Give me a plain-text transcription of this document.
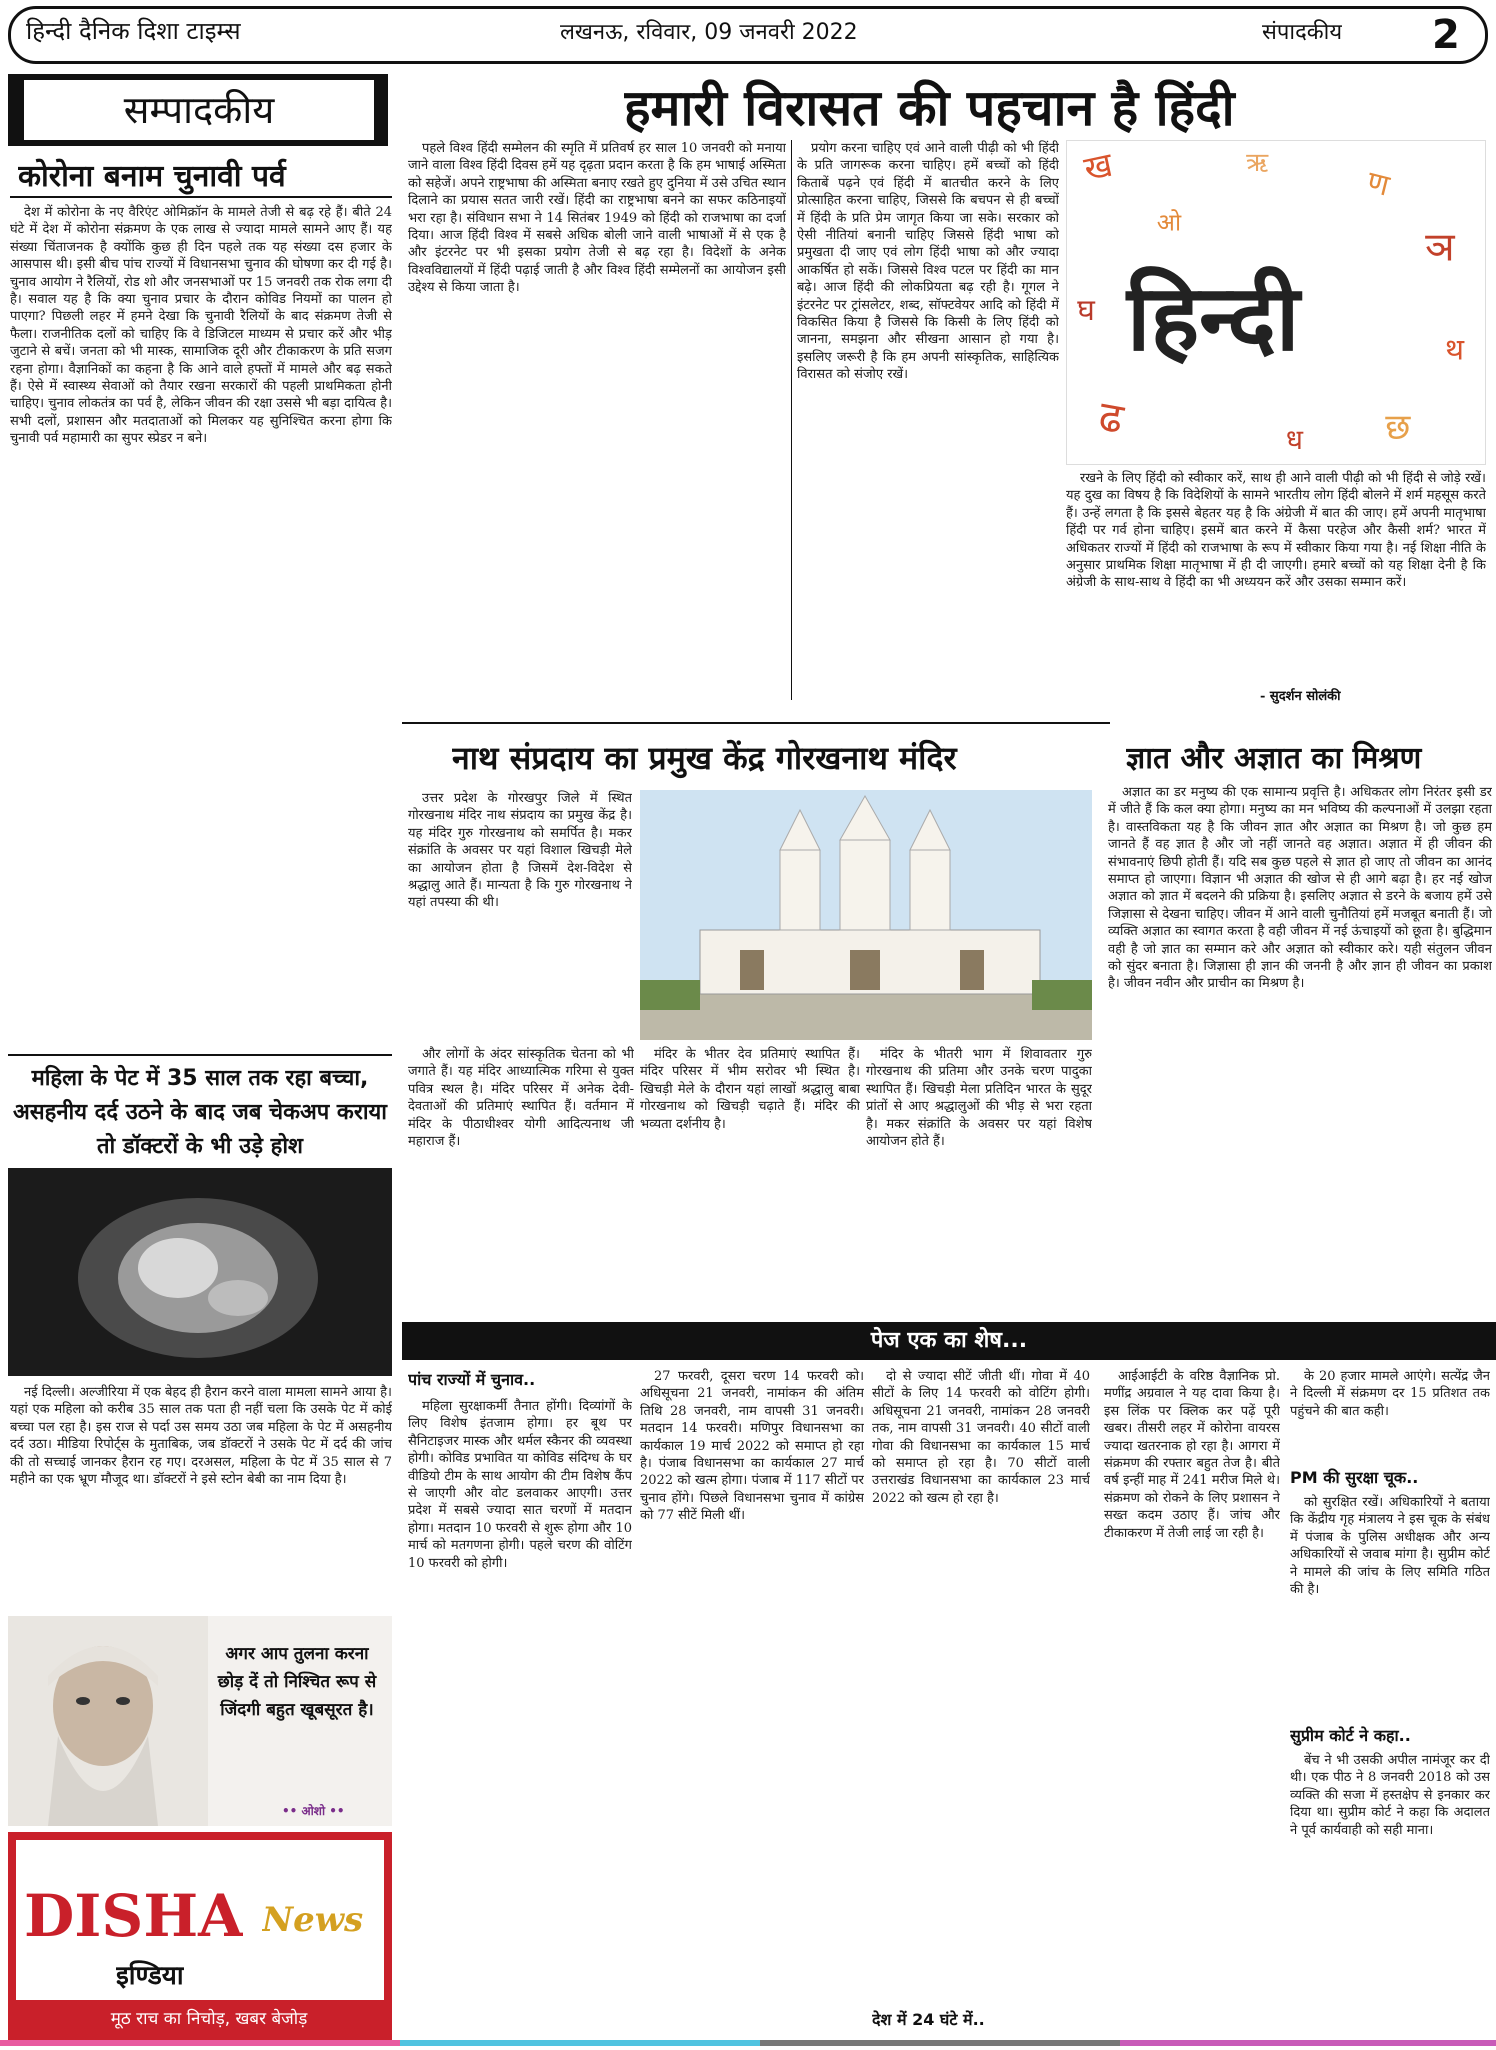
हिन्दी दैनिक दिशा टाइम्स	लखनऊ, रविवार, 09 जनवरी 2022	संपादकीय 2
सम्पादकीय	हमारी विरासत की पहचान है हिंदी
कोरोना बनाम चुनावी पर्व

देश में कोरोना के नए वैरिएंट ओमिक्रॉन के मामले तेजी से बढ़ रहे हैं। बीते 24 घंटे में देश में कोरोना संक्रमण के एक लाख से ज्यादा मामले सामने आए हैं। यह संख्या चिंताजनक है क्योंकि कुछ ही दिन पहले तक यह संख्या दस हजार के आसपास थी। इसी बीच पांच राज्यों में विधानसभा चुनाव की घोषणा कर दी गई है। चुनाव आयोग ने रैलियों, रोड शो और जनसभाओं पर 15 जनवरी तक रोक लगा दी है। सवाल यह है कि क्या चुनाव प्रचार के दौरान कोविड नियमों का पालन हो पाएगा? पिछली लहर में हमने देखा कि चुनावी रैलियों के बाद संक्रमण तेजी से फैला। राजनीतिक दलों को चाहिए कि वे डिजिटल माध्यम से प्रचार करें और भीड़ जुटाने से बचें। जनता को भी मास्क, सामाजिक दूरी और टीकाकरण के प्रति सजग रहना होगा। वैज्ञानिकों का कहना है कि आने वाले हफ्तों में मामले और बढ़ सकते हैं। ऐसे में स्वास्थ्य सेवाओं को तैयार रखना सरकारों की पहली प्राथमिकता होनी चाहिए। चुनाव लोकतंत्र का पर्व है, लेकिन जीवन की रक्षा उससे भी बड़ा दायित्व है। सभी दलों, प्रशासन और मतदाताओं को मिलकर यह सुनिश्चित करना होगा कि चुनावी पर्व महामारी का सुपर स्प्रेडर न बने।

पहले विश्व हिंदी सम्मेलन की स्मृति में प्रतिवर्ष हर साल 10 जनवरी को मनाया जाने वाला विश्व हिंदी दिवस हमें यह दृढ़ता प्रदान करता है कि हम भाषाई अस्मिता को सहेजें। अपने राष्ट्रभाषा की अस्मिता बनाए रखते हुए दुनिया में उसे उचित स्थान दिलाने का प्रयास सतत जारी रखें। हिंदी का राष्ट्रभाषा बनने का सफर कठिनाइयों भरा रहा है। संविधान सभा ने 14 सितंबर 1949 को हिंदी को राजभाषा का दर्जा दिया। आज हिंदी विश्व में सबसे अधिक बोली जाने वाली भाषाओं में से एक है और इंटरनेट पर भी इसका प्रयोग तेजी से बढ़ रहा है। विदेशों के अनेक विश्वविद्यालयों में हिंदी पढ़ाई जाती है और विश्व हिंदी सम्मेलनों का आयोजन इसी उद्देश्य से किया जाता है।

प्रयोग करना चाहिए एवं आने वाली पीढ़ी को भी हिंदी के प्रति जागरूक करना चाहिए। हमें बच्चों को हिंदी किताबें पढ़ने एवं हिंदी में बातचीत करने के लिए प्रोत्साहित करना चाहिए, जिससे कि बचपन से ही बच्चों में हिंदी के प्रति प्रेम जागृत किया जा सके। सरकार को ऐसी नीतियां बनानी चाहिए जिससे हिंदी भाषा को प्रमुखता दी जाए एवं लोग हिंदी भाषा को और ज्यादा आकर्षित हो सकें। जिससे विश्व पटल पर हिंदी का मान बढ़े। आज हिंदी की लोकप्रियता बढ़ रही है। गूगल ने इंटरनेट पर ट्रांसलेटर, शब्द, सॉफ्टवेयर आदि को हिंदी में विकसित किया है जिससे कि किसी के लिए हिंदी को जानना, समझना और सीखना आसान हो गया है। इसलिए जरूरी है कि हम अपनी सांस्कृतिक, साहित्यिक विरासत को संजोए रखें।

ख	ण
ञ
ढ	छ
घ
थ
ऋ
ध
ओ
हिन्दी

रखने के लिए हिंदी को स्वीकार करें, साथ ही आने वाली पीढ़ी को भी हिंदी से जोड़े रखें। यह दुख का विषय है कि विदेशियों के सामने भारतीय लोग हिंदी बोलने में शर्म महसूस करते हैं। उन्हें लगता है कि इससे बेहतर यह है कि अंग्रेजी में बात की जाए। हमें अपनी मातृभाषा हिंदी पर गर्व होना चाहिए। इसमें बात करने में कैसा परहेज और कैसी शर्म? भारत में अधिकतर राज्यों में हिंदी को राजभाषा के रूप में स्वीकार किया गया है। नई शिक्षा नीति के अनुसार प्राथमिक शिक्षा मातृभाषा में ही दी जाएगी। हमारे बच्चों को यह शिक्षा देनी है कि अंग्रेजी के साथ-साथ वे हिंदी का भी अध्ययन करें और उसका सम्मान करें।

- सुदर्शन सोलंकी
नाथ संप्रदाय का प्रमुख केंद्र गोरखनाथ मंदिर

उत्तर प्रदेश के गोरखपुर जिले में स्थित गोरखनाथ मंदिर नाथ संप्रदाय का प्रमुख केंद्र है। यह मंदिर गुरु गोरखनाथ को समर्पित है। मकर संक्रांति के अवसर पर यहां विशाल खिचड़ी मेले का आयोजन होता है जिसमें देश-विदेश से श्रद्धालु आते हैं। मान्यता है कि गुरु गोरखनाथ ने यहां तपस्या की थी।

और लोगों के अंदर सांस्कृतिक चेतना को भी जगाते हैं। यह मंदिर आध्यात्मिक गरिमा से युक्त पवित्र स्थल है। मंदिर परिसर में अनेक देवी-देवताओं की प्रतिमाएं स्थापित हैं। वर्तमान में मंदिर के पीठाधीश्वर योगी आदित्यनाथ जी महाराज हैं।

मंदिर के भीतर देव प्रतिमाएं स्थापित हैं। मंदिर परिसर में भीम सरोवर भी स्थित है। खिचड़ी मेले के दौरान यहां लाखों श्रद्धालु बाबा गोरखनाथ को खिचड़ी चढ़ाते हैं। मंदिर की भव्यता दर्शनीय है।

मंदिर के भीतरी भाग में शिवावतार गुरु गोरखनाथ की प्रतिमा और उनके चरण पादुका स्थापित हैं। खिचड़ी मेला प्रतिदिन भारत के सुदूर प्रांतों से आए श्रद्धालुओं की भीड़ से भरा रहता है। मकर संक्रांति के अवसर पर यहां विशेष आयोजन होते हैं।

ज्ञात और अज्ञात का मिश्रण

अज्ञात का डर मनुष्य की एक सामान्य प्रवृत्ति है। अधिकतर लोग निरंतर इसी डर में जीते हैं कि कल क्या होगा। मनुष्य का मन भविष्य की कल्पनाओं में उलझा रहता है। वास्तविकता यह है कि जीवन ज्ञात और अज्ञात का मिश्रण है। जो कुछ हम जानते हैं वह ज्ञात है और जो नहीं जानते वह अज्ञात। अज्ञात में ही जीवन की संभावनाएं छिपी होती हैं। यदि सब कुछ पहले से ज्ञात हो जाए तो जीवन का आनंद समाप्त हो जाएगा। विज्ञान भी अज्ञात की खोज से ही आगे बढ़ा है। हर नई खोज अज्ञात को ज्ञात में बदलने की प्रक्रिया है। इसलिए अज्ञात से डरने के बजाय हमें उसे जिज्ञासा से देखना चाहिए। जीवन में आने वाली चुनौतियां हमें मजबूत बनाती हैं। जो व्यक्ति अज्ञात का स्वागत करता है वही जीवन में नई ऊंचाइयों को छूता है। बुद्धिमान वही है जो ज्ञात का सम्मान करे और अज्ञात को स्वीकार करे। यही संतुलन जीवन को सुंदर बनाता है। जिज्ञासा ही ज्ञान की जननी है और ज्ञान ही जीवन का प्रकाश है। जीवन नवीन और प्राचीन का मिश्रण है।

महिला के पेट में 35 साल तक रहा बच्चा, असहनीय दर्द उठने के बाद जब चेकअप कराया तो डॉक्टरों के भी उड़े होश

नई दिल्ली। अल्जीरिया में एक बेहद ही हैरान करने वाला मामला सामने आया है। यहां एक महिला को करीब 35 साल तक पता ही नहीं चला कि उसके पेट में कोई बच्चा पल रहा है। इस राज से पर्दा उस समय उठा जब महिला के पेट में असहनीय दर्द उठा। मीडिया रिपोर्ट्स के मुताबिक, जब डॉक्टरों ने उसके पेट में दर्द की जांच की तो सच्चाई जानकर हैरान रह गए। दरअसल, महिला के पेट में 35 साल से 7 महीने का एक भ्रूण मौजूद था। डॉक्टरों ने इसे स्टोन बेबी का नाम दिया है।

अगर आप तुलना करना छोड़ दें तो निश्चित रूप से जिंदगी बहुत खूबसूरत है।
•• ओशो ••
DISHA News
इण्डिया
मूठ राच का निचोड़, खबर बेजोड़
पेज एक का शेष...
पांच राज्यों में चुनाव..

महिला सुरक्षाकर्मी तैनात होंगी। दिव्यांगों के लिए विशेष इंतजाम होगा। हर बूथ पर सैनिटाइजर मास्क और थर्मल स्कैनर की व्यवस्था होगी। कोविड प्रभावित या कोविड संदिग्ध के घर वीडियो टीम के साथ आयोग की टीम विशेष कैंप से जाएगी और वोट डलवाकर आएगी। उत्तर प्रदेश में सबसे ज्यादा सात चरणों में मतदान होगा। मतदान 10 फरवरी से शुरू होगा और 10 मार्च को मतगणना होगी। पहले चरण की वोटिंग 10 फरवरी को होगी।

27 फरवरी, दूसरा चरण 14 फरवरी को। अधिसूचना 21 जनवरी, नामांकन की अंतिम तिथि 28 जनवरी, नाम वापसी 31 जनवरी। मतदान 14 फरवरी। मणिपुर विधानसभा का कार्यकाल 19 मार्च 2022 को समाप्त हो रहा है। पंजाब विधानसभा का कार्यकाल 27 मार्च 2022 को खत्म होगा। पंजाब में 117 सीटों पर चुनाव होंगे। पिछले विधानसभा चुनाव में कांग्रेस को 77 सीटें मिली थीं।

दो से ज्यादा सीटें जीती थीं। गोवा में 40 सीटों के लिए 14 फरवरी को वोटिंग होगी। अधिसूचना 21 जनवरी, नामांकन 28 जनवरी तक, नाम वापसी 31 जनवरी। 40 सीटों वाली गोवा की विधानसभा का कार्यकाल 15 मार्च को समाप्त हो रहा है। 70 सीटों वाली उत्तराखंड विधानसभा का कार्यकाल 23 मार्च 2022 को खत्म हो रहा है।

देश में 24 घंटे में..

आईआईटी के वरिष्ठ वैज्ञानिक प्रो. मणींद्र अग्रवाल ने यह दावा किया है। इस लिंक पर क्लिक कर पढ़ें पूरी खबर। तीसरी लहर में कोरोना वायरस ज्यादा खतरनाक हो रहा है। आगरा में संक्रमण की रफ्तार बहुत तेज है। बीते वर्ष इन्हीं माह में 241 मरीज मिले थे। संक्रमण को रोकने के लिए प्रशासन ने सख्त कदम उठाए हैं। जांच और टीकाकरण में तेजी लाई जा रही है।

के 20 हजार मामले आएंगे। सत्येंद्र जैन ने दिल्ली में संक्रमण दर 15 प्रतिशत तक पहुंचने की बात कही।

PM की सुरक्षा चूक..

को सुरक्षित रखें। अधिकारियों ने बताया कि केंद्रीय गृह मंत्रालय ने इस चूक के संबंध में पंजाब के पुलिस अधीक्षक और अन्य अधिकारियों से जवाब मांगा है। सुप्रीम कोर्ट ने मामले की जांच के लिए समिति गठित की है।

सुप्रीम कोर्ट ने कहा..

बेंच ने भी उसकी अपील नामंजूर कर दी थी। एक पीठ ने 8 जनवरी 2018 को उस व्यक्ति की सजा में हस्तक्षेप से इनकार कर दिया था। सुप्रीम कोर्ट ने कहा कि अदालत ने पूर्व कार्यवाही को सही माना।
